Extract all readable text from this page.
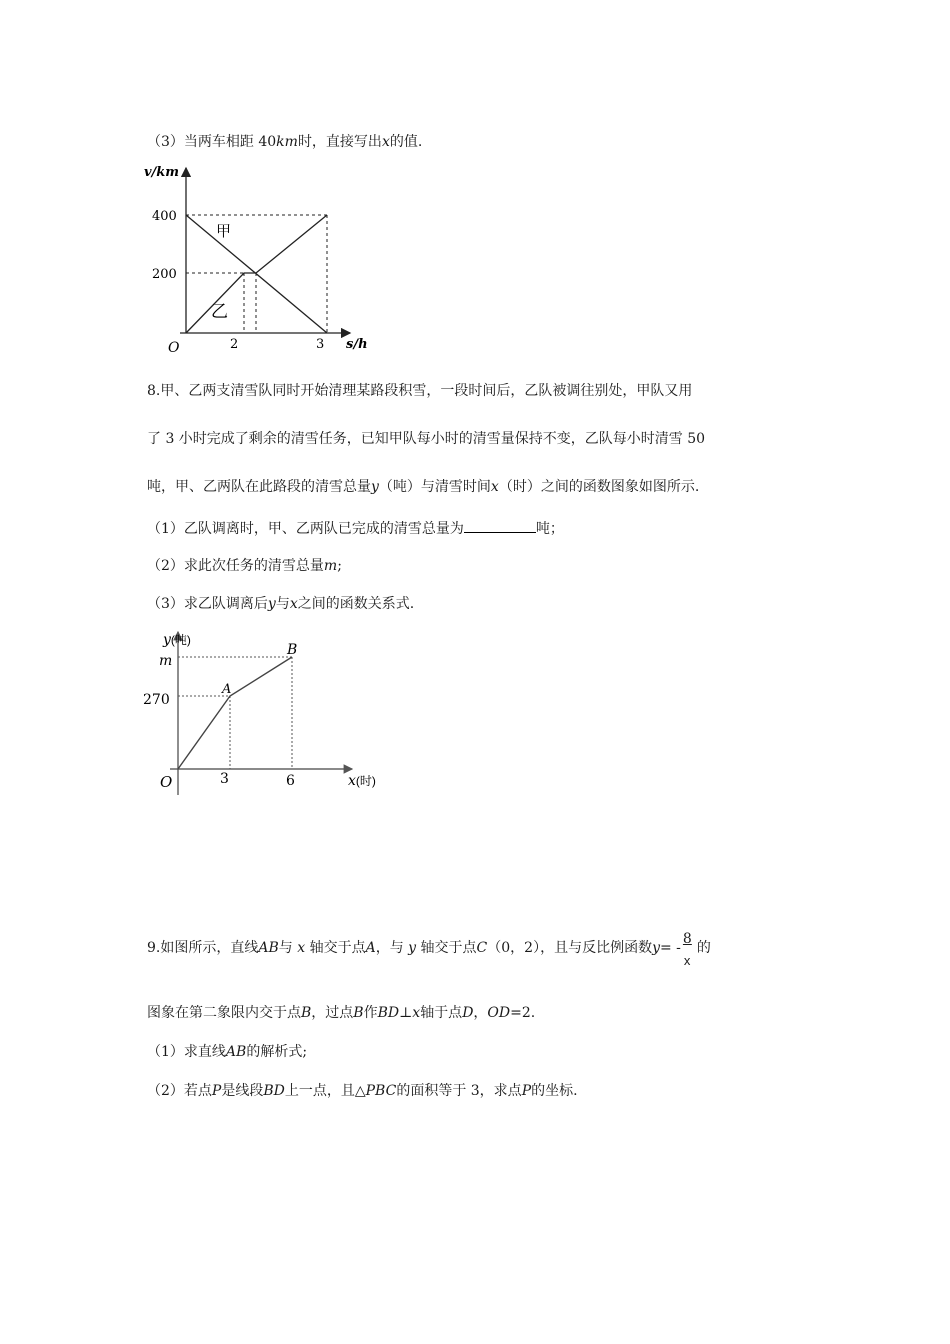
（3）当两车相距 40km时，直接写出x的值.
v/km
s/h
O
400
200
2	3
甲
乙
8.甲、乙两支清雪队同时开始清理某路段积雪，一段时间后，乙队被调往别处，甲队又用
了 3 小时完成了剩余的清雪任务，已知甲队每小时的清雪量保持不变，乙队每小时清雪 50
吨，甲、乙两队在此路段的清雪总量y（吨）与清雪时间x（时）之间的函数图象如图所示.
（1）乙队调离时，甲、乙两队已完成的清雪总量为	吨；
（2）求此次任务的清雪总量m;
（3）求乙队调离后y与x之间的函数关系式.
y(吨)
x(时)
O
m
270
3	6
A
B
9.如图所示，直线AB与 x 轴交于点A，与 y 轴交于点C（0，2），且与反比例函数$y= - \frac{8}{x}$ 的
图象在第二象限内交于点B，过点B作BD⊥x轴于点D，OD=2.
（1）求直线AB的解析式;
（2）若点P是线段BD上一点，且△PBC的面积等于 3，求点P的坐标.
